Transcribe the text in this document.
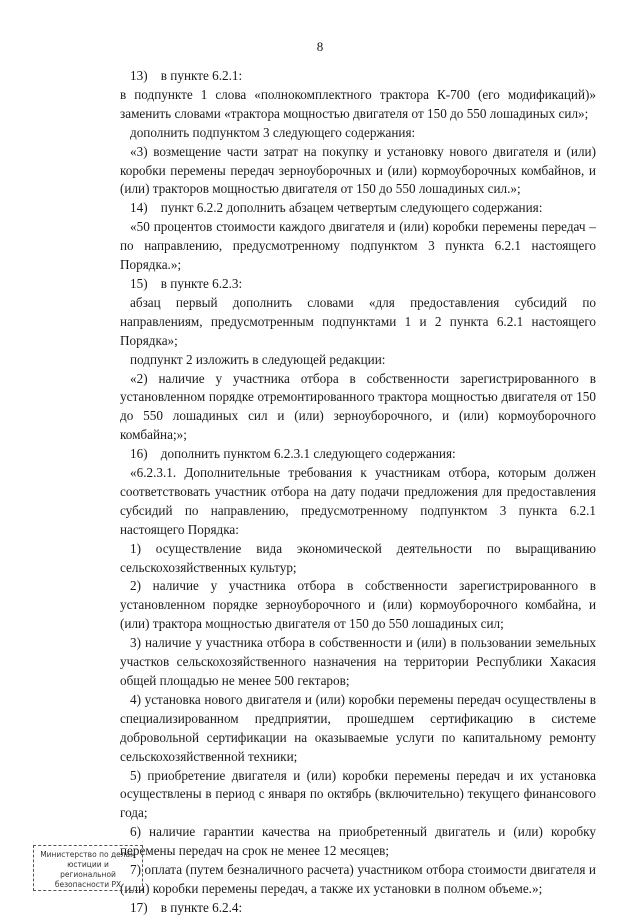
8

13)    в пункте 6.2.1:

в подпункте 1 слова «полнокомплектного трактора К-700 (его модификаций)» заменить словами «трактора мощностью двигателя от 150 до 550 лошадиных сил»;

дополнить подпунктом 3 следующего содержания:

«3) возмещение части затрат на покупку и установку нового двигателя и (или) коробки перемены передач зерноуборочных и (или) кормоуборочных комбайнов, и (или) тракторов мощностью двигателя от 150 до 550 лошадиных сил.»;

14)    пункт 6.2.2 дополнить абзацем четвертым следующего содержания:

«50 процентов стоимости каждого двигателя и (или) коробки перемены передач – по направлению, предусмотренному подпунктом 3 пункта 6.2.1 настоящего Порядка.»;

15)    в пункте 6.2.3:

абзац первый дополнить словами «для предоставления субсидий по направлениям, предусмотренным подпунктами 1 и 2 пункта 6.2.1 настоящего Порядка»;

подпункт 2 изложить в следующей редакции:

«2) наличие у участника отбора в собственности зарегистрированного в установленном порядке отремонтированного трактора мощностью двигателя от 150 до 550 лошадиных сил и (или) зерноуборочного, и (или) кормоуборочного комбайна;»;

16)    дополнить пунктом 6.2.3.1 следующего содержания:

«6.2.3.1. Дополнительные требования к участникам отбора, которым должен соответствовать участник отбора на дату подачи предложения для предоставления субсидий по направлению, предусмотренному подпунктом 3 пункта 6.2.1 настоящего Порядка:

1) осуществление вида экономической деятельности по выращиванию сельскохозяйственных культур;

2) наличие у участника отбора в собственности зарегистрированного в установленном порядке зерноуборочного и (или) кормоуборочного комбайна, и (или) трактора мощностью двигателя от 150 до 550 лошадиных сил;

3) наличие у участника отбора в собственности и (или) в пользовании земельных участков сельскохозяйственного назначения на территории Республики Хакасия общей площадью не менее 500 гектаров;

4) установка нового двигателя и (или) коробки перемены передач осуществлены в специализированном предприятии, прошедшем сертификацию в системе добровольной сертификации на оказываемые услуги по капитальному ремонту сельскохозяйственной техники;

5) приобретение двигателя и (или) коробки перемены передач и их установка осуществлены в период с января по октябрь (включительно) текущего финансового года;

6) наличие гарантии качества на приобретенный двигатель и (или) коробку перемены передач на срок не менее 12 месяцев;

7) оплата (путем безналичного расчета) участником отбора стоимости двигателя и (или) коробки перемены передач, а также их установки в полном объеме.»;

17)    в пункте 6.2.4:

Министерство по делам
юстиции и региональной
безопасности РХ
